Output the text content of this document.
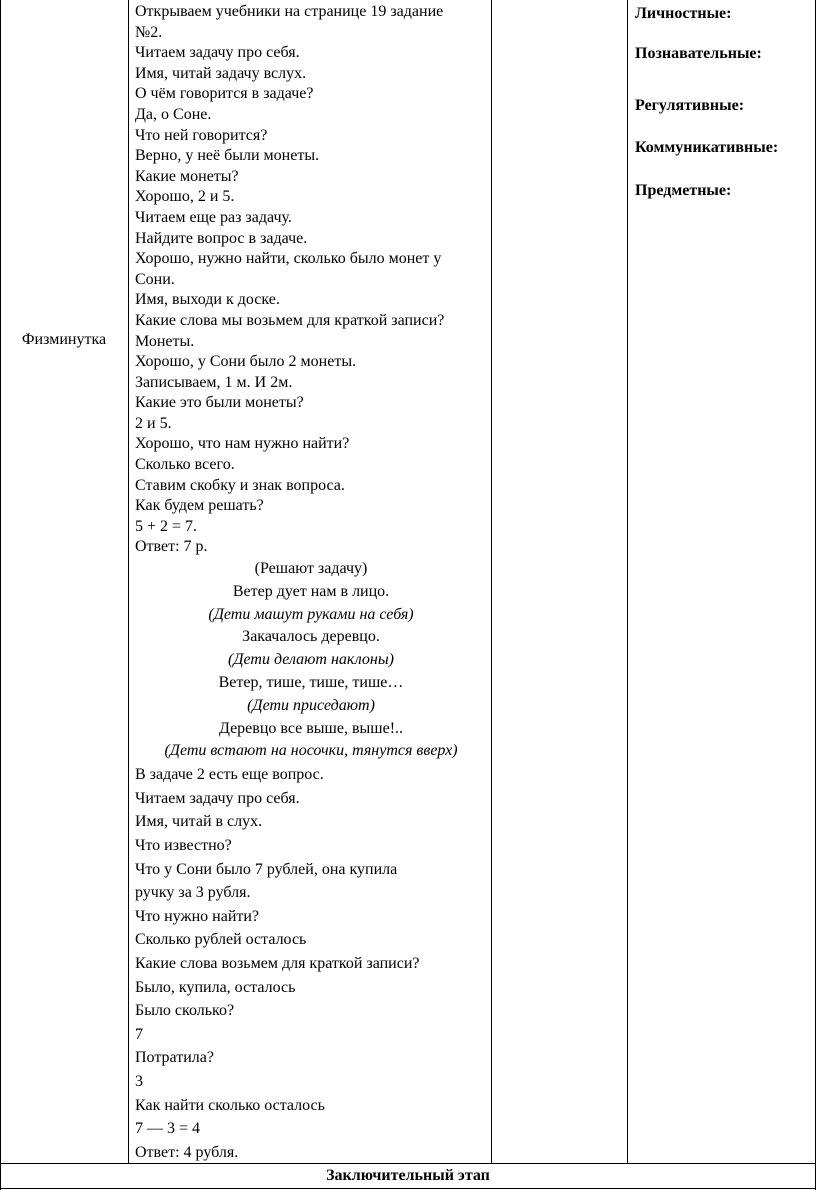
Физминутка
Открываем учебники на странице 19 задание
№2.
Читаем задачу про себя.
Имя, читай задачу вслух.
О чём говорится в задаче?
Да, о Соне.
Что ней говорится?
Верно, у неё были монеты.
Какие монеты?
Хорошо, 2 и 5.
Читаем еще раз задачу.
Найдите вопрос в задаче.
Хорошо, нужно найти, сколько было монет у
Сони.
Имя, выходи к доске.
Какие слова мы возьмем для краткой записи?
Монеты.
Хорошо, у Сони было 2 монеты.
Записываем, 1 м. И 2м.
Какие это были монеты?
2 и 5.
Хорошо, что нам нужно найти?
Сколько всего.
Ставим скобку и знак вопроса.
Как будем решать?
5 + 2 = 7.
Ответ: 7 р.
(Решают задачу)
Ветер дует нам в лицо.
(Дети машут руками на себя)
Закачалось деревцо.
(Дети делают наклоны)
Ветер, тише, тише, тише…
(Дети приседают)
Деревцо все выше, выше!..
(Дети встают на носочки, тянутся вверх)
В задаче 2 есть еще вопрос.
Читаем задачу про себя.
Имя, читай в слух.
Что известно?
Что у Сони было 7 рублей, она купила
ручку за 3 рубля.
Что нужно найти?
Сколько рублей осталось
Какие слова возьмем для краткой записи?
Было, купила, осталось
Было сколько?
7
Потратила?
3
Как найти сколько осталось
7 — 3 = 4
Ответ: 4 рубля.
Личностные:
Познавательные:
Регулятивные:
Коммуникативные:
Предметные:
Заключительный этап
